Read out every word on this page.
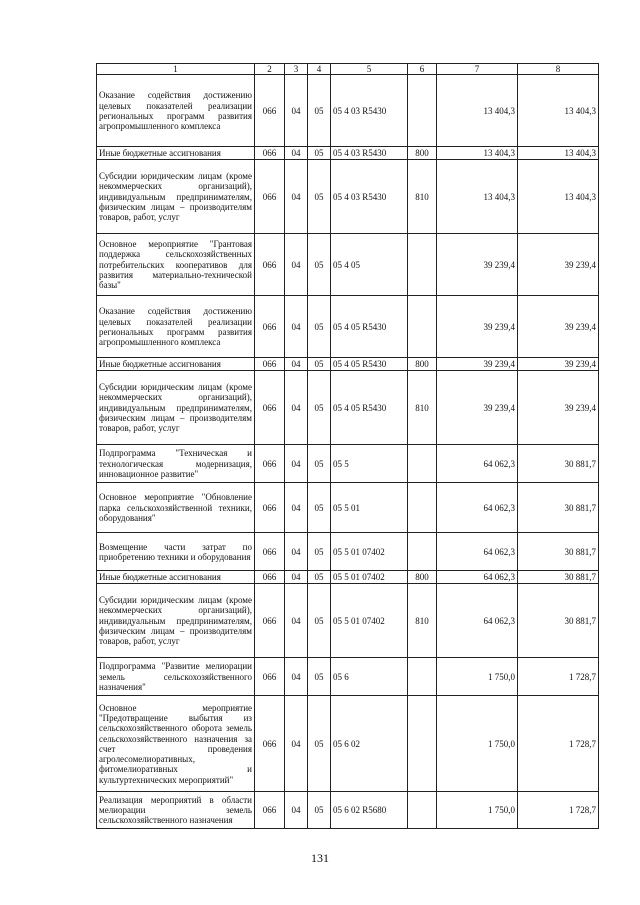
1	2	3	4	5	6	7	8
Оказание содействия достижению целевых показателей реализации региональных программ развития агропромышленного комплекса	066	04	05	05 4 03 R5430		13 404,3	13 404,3
Иные бюджетные ассигнования	066	04	05	05 4 03 R5430	800	13 404,3	13 404,3
Субсидии юридическим лицам (кроме некоммерческих организаций), индивидуальным предпринимателям, физическим лицам – производителям товаров, работ, услуг	066	04	05	05 4 03 R5430	810	13 404,3	13 404,3
Основное мероприятие "Грантовая поддержка сельскохозяйственных потребительских кооперативов для развития материально-технической базы"	066	04	05	05 4 05		39 239,4	39 239,4
Оказание содействия достижению целевых показателей реализации региональных программ развития агропромышленного комплекса	066	04	05	05 4 05 R5430		39 239,4	39 239,4
Иные бюджетные ассигнования	066	04	05	05 4 05 R5430	800	39 239,4	39 239,4
Субсидии юридическим лицам (кроме некоммерческих организаций), индивидуальным предпринимателям, физическим лицам – производителям товаров, работ, услуг	066	04	05	05 4 05 R5430	810	39 239,4	39 239,4
Подпрограмма "Техническая и технологическая модернизация, инновационное развитие"	066	04	05	05 5		64 062,3	30 881,7
Основное мероприятие "Обновление парка сельскохозяйственной техники, оборудования"	066	04	05	05 5 01		64 062,3	30 881,7
Возмещение части затрат по приобретению техники и оборудования	066	04	05	05 5 01 07402		64 062,3	30 881,7
Иные бюджетные ассигнования	066	04	05	05 5 01 07402	800	64 062,3	30 881,7
Субсидии юридическим лицам (кроме некоммерческих организаций), индивидуальным предпринимателям, физическим лицам – производителям товаров, работ, услуг	066	04	05	05 5 01 07402	810	64 062,3	30 881,7
Подпрограмма "Развитие мелиорации земель сельскохозяйственного назначения"	066	04	05	05 6		1 750,0	1 728,7
Основное мероприятие "Предотвращение выбытия из сельскохозяйственного оборота земель сельскохозяйственного назначения за счет проведения агролесомелиоративных, фитомелиоративных и культуртехнических мероприятий"	066	04	05	05 6 02		1 750,0	1 728,7
Реализация мероприятий в области мелиорации земель сельскохозяйственного назначения	066	04	05	05 6 02 R5680		1 750,0	1 728,7
131
